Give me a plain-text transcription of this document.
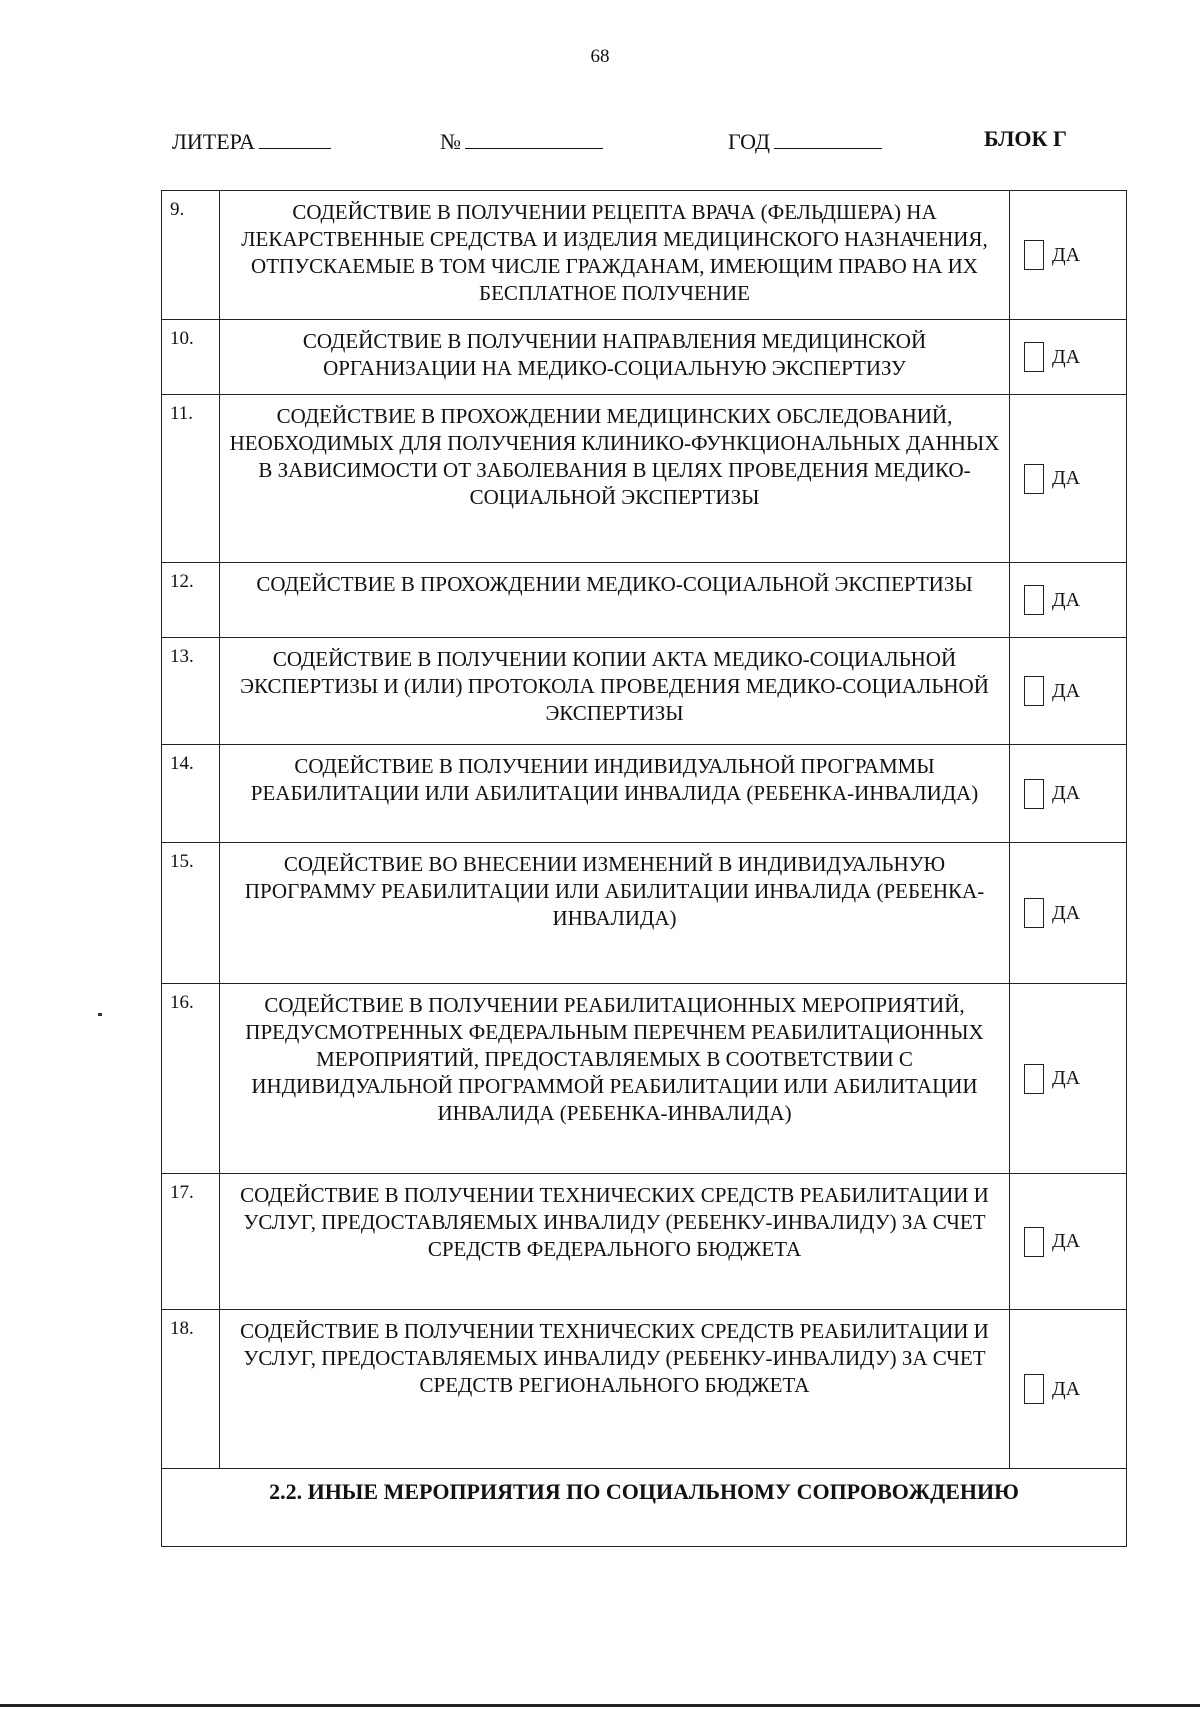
68
ЛИТЕРА	№	ГОД	БЛОК Г
9.	СОДЕЙСТВИЕ В ПОЛУЧЕНИИ РЕЦЕПТА ВРАЧА (ФЕЛЬДШЕРА) НА ЛЕКАРСТВЕННЫЕ СРЕДСТВА И ИЗДЕЛИЯ МЕДИЦИНСКОГО НАЗНАЧЕНИЯ, ОТПУСКАЕМЫЕ В ТОМ ЧИСЛЕ ГРАЖДАНАМ, ИМЕЮЩИМ ПРАВО НА ИХ БЕСПЛАТНОЕ ПОЛУЧЕНИЕ	ДА
10.	СОДЕЙСТВИЕ В ПОЛУЧЕНИИ НАПРАВЛЕНИЯ МЕДИЦИНСКОЙ ОРГАНИЗАЦИИ НА МЕДИКО-СОЦИАЛЬНУЮ ЭКСПЕРТИЗУ	ДА
11.	СОДЕЙСТВИЕ В ПРОХОЖДЕНИИ МЕДИЦИНСКИХ ОБСЛЕДОВАНИЙ, НЕОБХОДИМЫХ ДЛЯ ПОЛУЧЕНИЯ КЛИНИКО-ФУНКЦИОНАЛЬНЫХ ДАННЫХ В ЗАВИСИМОСТИ ОТ ЗАБОЛЕВАНИЯ В ЦЕЛЯХ ПРОВЕДЕНИЯ МЕДИКО-СОЦИАЛЬНОЙ ЭКСПЕРТИЗЫ	ДА
12.	СОДЕЙСТВИЕ В ПРОХОЖДЕНИИ МЕДИКО-СОЦИАЛЬНОЙ ЭКСПЕРТИЗЫ	ДА
13.	СОДЕЙСТВИЕ В ПОЛУЧЕНИИ КОПИИ АКТА МЕДИКО-СОЦИАЛЬНОЙ ЭКСПЕРТИЗЫ И (ИЛИ) ПРОТОКОЛА ПРОВЕДЕНИЯ МЕДИКО-СОЦИАЛЬНОЙ ЭКСПЕРТИЗЫ	ДА
14.	СОДЕЙСТВИЕ В ПОЛУЧЕНИИ ИНДИВИДУАЛЬНОЙ ПРОГРАММЫ РЕАБИЛИТАЦИИ ИЛИ АБИЛИТАЦИИ ИНВАЛИДА (РЕБЕНКА-ИНВАЛИДА)	ДА
15.	СОДЕЙСТВИЕ ВО ВНЕСЕНИИ ИЗМЕНЕНИЙ В ИНДИВИДУАЛЬНУЮ ПРОГРАММУ РЕАБИЛИТАЦИИ ИЛИ АБИЛИТАЦИИ ИНВАЛИДА (РЕБЕНКА-ИНВАЛИДА)	ДА
16.	СОДЕЙСТВИЕ В ПОЛУЧЕНИИ РЕАБИЛИТАЦИОННЫХ МЕРОПРИЯТИЙ, ПРЕДУСМОТРЕННЫХ ФЕДЕРАЛЬНЫМ ПЕРЕЧНЕМ РЕАБИЛИТАЦИОННЫХ МЕРОПРИЯТИЙ, ПРЕДОСТАВЛЯЕМЫХ В СООТВЕТСТВИИ С ИНДИВИДУАЛЬНОЙ ПРОГРАММОЙ РЕАБИЛИТАЦИИ ИЛИ АБИЛИТАЦИИ ИНВАЛИДА (РЕБЕНКА-ИНВАЛИДА)	ДА
17.	СОДЕЙСТВИЕ В ПОЛУЧЕНИИ ТЕХНИЧЕСКИХ СРЕДСТВ РЕАБИЛИТАЦИИ И УСЛУГ, ПРЕДОСТАВЛЯЕМЫХ ИНВАЛИДУ (РЕБЕНКУ-ИНВАЛИДУ) ЗА СЧЕТ СРЕДСТВ ФЕДЕРАЛЬНОГО БЮДЖЕТА	ДА
18.	СОДЕЙСТВИЕ В ПОЛУЧЕНИИ ТЕХНИЧЕСКИХ СРЕДСТВ РЕАБИЛИТАЦИИ И УСЛУГ, ПРЕДОСТАВЛЯЕМЫХ ИНВАЛИДУ (РЕБЕНКУ-ИНВАЛИДУ) ЗА СЧЕТ СРЕДСТВ РЕГИОНАЛЬНОГО БЮДЖЕТА	ДА
2.2. ИНЫЕ МЕРОПРИЯТИЯ ПО СОЦИАЛЬНОМУ СОПРОВОЖДЕНИЮ		
